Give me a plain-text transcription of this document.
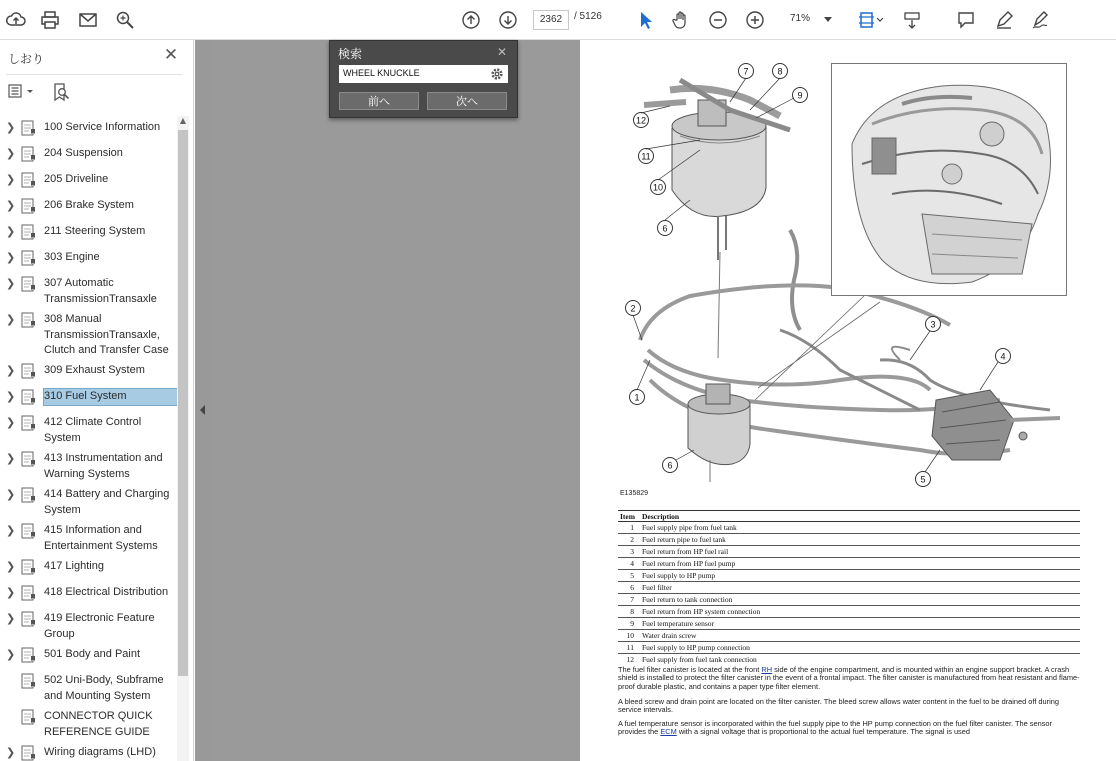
2362	/ 5126	71%
しおり	✕
❯	100 Service Information
❯	204 Suspension
❯	205 Driveline
❯	206 Brake System
❯	211 Steering System
❯	303 Engine
❯	307 Automatic TransmissionTransaxle
❯	308 Manual TransmissionTransaxle, Clutch and Transfer Case
❯	309 Exhaust System
❯	310 Fuel System
❯	412 Climate Control System
❯	413 Instrumentation and Warning Systems
❯	414 Battery and Charging System
❯	415 Information and Entertainment Systems
❯	417 Lighting
❯	418 Electrical Distribution
❯	419 Electronic Feature Group
❯	501 Body and Paint
502 Uni-Body, Subframe and Mounting System
CONNECTOR QUICK REFERENCE GUIDE
❯	Wiring diagrams (LHD)
▲
検索	✕
WHEEL KNUCKLE
前へ	次へ
1
2
3
4
5
6
6
7	8
9
10
11
12
E135829
Item	Description
1	Fuel supply pipe from fuel tank
2	Fuel return pipe to fuel tank
3	Fuel return from HP fuel rail
4	Fuel return from HP fuel pump
5	Fuel supply to HP pump
6	Fuel filter
7	Fuel return to tank connection
8	Fuel return from HP system connection
9	Fuel temperature sensor
10	Water drain screw
11	Fuel supply to HP pump connection
12	Fuel supply from fuel tank connection
The fuel filter canister is located at the front RH side of the engine compartment, and is mounted within an engine support bracket. A crash shield is installed to protect the filter canister in the event of a frontal impact. The filter canister is manufactured from heat resistant and flame-proof durable plastic, and contains a paper type filter element.
A bleed screw and drain point are located on the filter canister. The bleed screw allows water content in the fuel to be drained off during service intervals.
A fuel temperature sensor is incorporated within the fuel supply pipe to the HP pump connection on the fuel filter canister. The sensor provides the ECM with a signal voltage that is proportional to the actual fuel temperature. The signal is used
